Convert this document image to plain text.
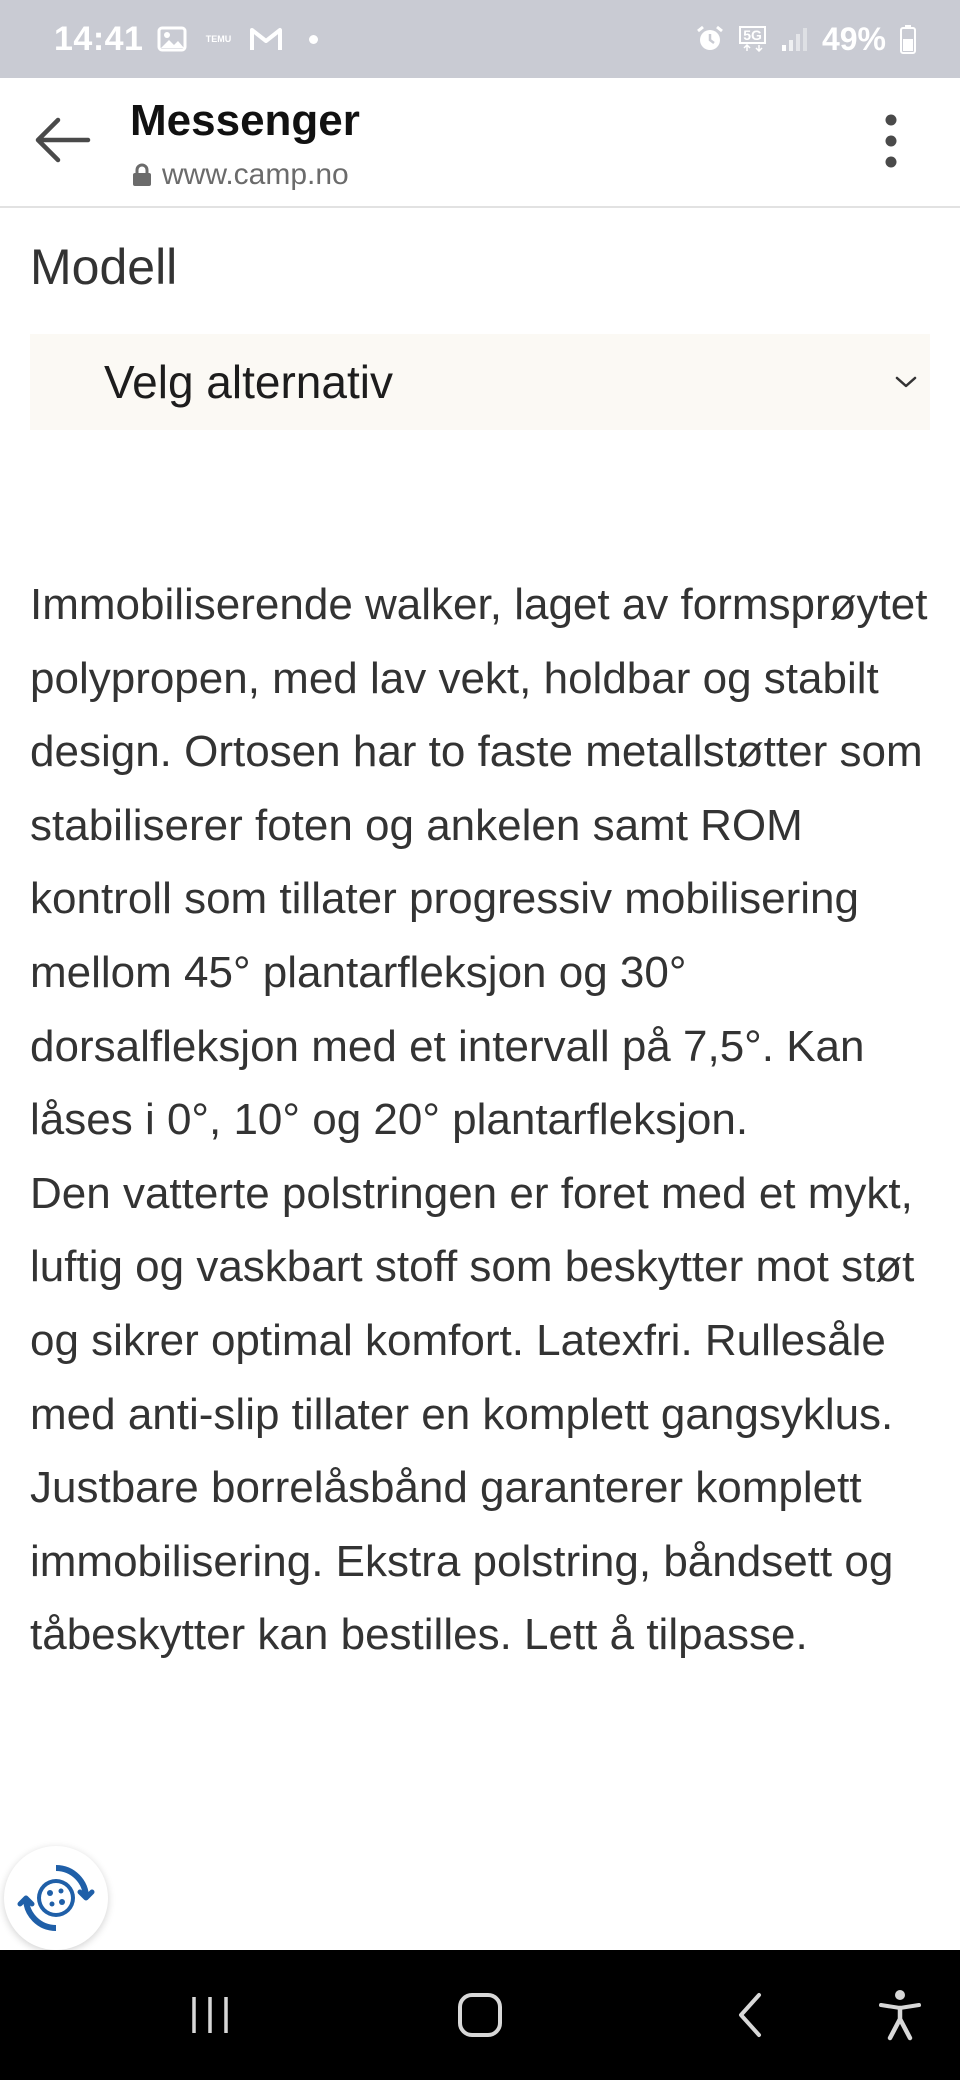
14:41	TEMU	5G 49%
Messenger
www.camp.no
Modell
Velg alternativ

Immobiliserende walker, laget av formsprøytet polypropen, med lav vekt, holdbar og stabilt design. Ortosen har to faste metallstøtter som stabiliserer foten og ankelen samt ROM kontroll som tillater progressiv mobilisering mellom 45° plantarfleksjon og 30° dorsalfleksjon med et intervall på 7,5°. Kan låses i 0°, 10° og 20° plantarfleksjon.

Den vatterte polstringen er foret med et mykt, luftig og vaskbart stoff som beskytter mot støt og sikrer optimal komfort. Latexfri. Rullesåle med anti-slip tillater en komplett gangsyklus. Justbare borrelåsbånd garanterer komplett immobilisering. Ekstra polstring, båndsett og tåbeskytter kan bestilles. Lett å tilpasse.
